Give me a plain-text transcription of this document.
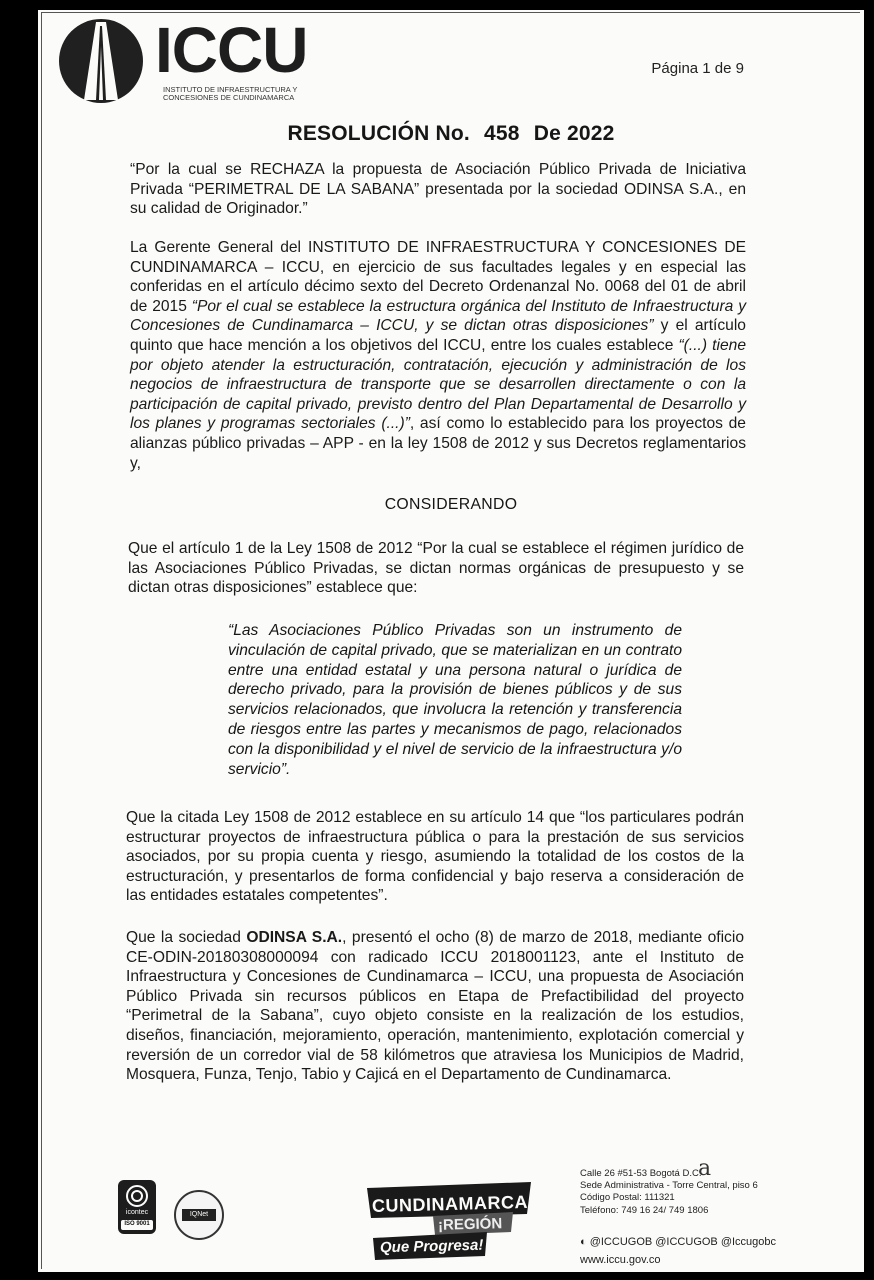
ICCU
INSTITUTO DE INFRAESTRUCTURA Y CONCESIONES DE CUNDINAMARCA
Página 1 de 9
RESOLUCIÓN No. 458 De 2022
“Por la cual se RECHAZA la propuesta de Asociación Público Privada de Iniciativa Privada “PERIMETRAL DE LA SABANA” presentada por la sociedad ODINSA S.A., en su calidad de Originador.”
La Gerente General del INSTITUTO DE INFRAESTRUCTURA Y CONCESIONES DE CUNDINAMARCA – ICCU, en ejercicio de sus facultades legales y en especial las conferidas en el artículo décimo sexto del Decreto Ordenanzal No. 0068 del 01 de abril de 2015 “Por el cual se establece la estructura orgánica del Instituto de Infraestructura y Concesiones de Cundinamarca – ICCU, y se dictan otras disposiciones” y el artículo quinto que hace mención a los objetivos del ICCU, entre los cuales establece “(...) tiene por objeto atender la estructuración, contratación, ejecución y administración de los negocios de infraestructura de transporte que se desarrollen directamente o con la participación de capital privado, previsto dentro del Plan Departamental de Desarrollo y los planes y programas sectoriales (...)”, así como lo establecido para los proyectos de alianzas público privadas – APP - en la ley 1508 de 2012 y sus Decretos reglamentarios y,
CONSIDERANDO
Que el artículo 1 de la Ley 1508 de 2012 “Por la cual se establece el régimen jurídico de las Asociaciones Público Privadas, se dictan normas orgánicas de presupuesto y se dictan otras disposiciones” establece que:
“Las Asociaciones Público Privadas son un instrumento de vinculación de capital privado, que se materializan en un contrato entre una entidad estatal y una persona natural o jurídica de derecho privado, para la provisión de bienes públicos y de sus servicios relacionados, que involucra la retención y transferencia de riesgos entre las partes y mecanismos de pago, relacionados con la disponibilidad y el nivel de servicio de la infraestructura y/o servicio”.
Que la citada Ley 1508 de 2012 establece en su artículo 14 que “los particulares podrán estructurar proyectos de infraestructura pública o para la prestación de sus servicios asociados, por su propia cuenta y riesgo, asumiendo la totalidad de los costos de la estructuración, y presentarlos de forma confidencial y bajo reserva a consideración de las entidades estatales competentes”.
Que la sociedad ODINSA S.A., presentó el ocho (8) de marzo de 2018, mediante oficio CE-ODIN-20180308000094 con radicado ICCU 2018001123, ante el Instituto de Infraestructura y Concesiones de Cundinamarca – ICCU, una propuesta de Asociación Público Privada sin recursos públicos en Etapa de Prefactibilidad del proyecto “Perimetral de la Sabana”, cuyo objeto consiste en la realización de los estudios, diseños, financiación, mejoramiento, operación, mantenimiento, explotación comercial y reversión de un corredor vial de 58 kilómetros que atraviesa los Municipios de Madrid, Mosquera, Funza, Tenjo, Tabio y Cajicá en el Departamento de Cundinamarca.
icontec
ISO 9001
IQNet	CUNDINAMARCA
¡REGIÓN
Que Progresa!
a
Calle 26 #51-53 Bogotá D.C.
Sede Administrativa - Torre Central, piso 6
Código Postal: 111321
Teléfono: 749 16 24/ 749 1806
◐ @ICCUGOB @ICCUGOB @Iccugobc
www.iccu.gov.co
